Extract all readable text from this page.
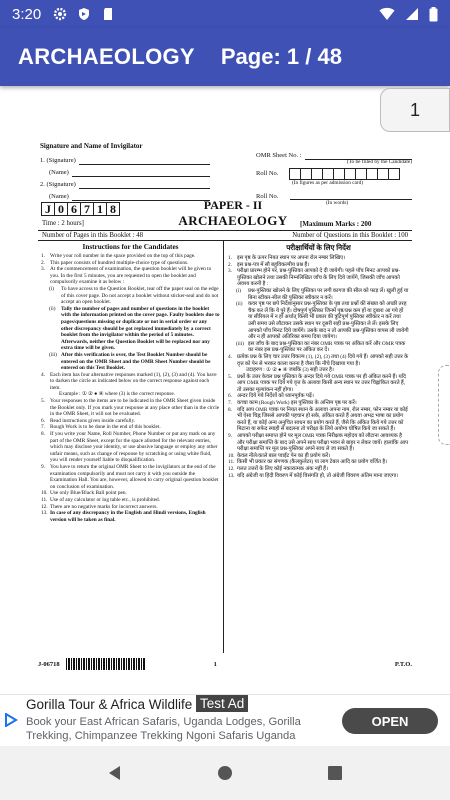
3:20
ARCHAEOLOGY Page: 1 / 48
1
Signature and Name of Invigilator
1. (Signature)
(Name)
2. (Signature)
(Name)
OMR Sheet No. :
(To be filled by the Candidate)
Roll No.
(In figures as per admission card)
Roll No.
(In words)
J 0 6 7 1 8
Time : 2 hours]
PAPER - II
ARCHAEOLOGY	[Maximum Marks : 200
Number of Pages in this Booklet : 48	Number of Questions in this Booklet : 100
Instructions for the Candidates
1. Write your roll number in the space provided on the top of this page.
2. This paper consists of hundred multiple-choice type of questions.
3. At the commencement of examination, the question booklet will be given to you. In the first 5 minutes, you are requested to open the booklet and compulsorily examine it as below :
(i)	To have access to the Question Booklet, tear off the paper seal on the edge of this cover page. Do not accept a booklet without sticker-seal and do not accept an open booklet.
(ii)	Tally the number of pages and number of questions in the booklet with the information printed on the cover page. Faulty booklets due to pages/questions missing or duplicate or not in serial order or any other discrepancy should be got replaced immediately by a correct booklet from the invigilator within the period of 5 minutes. Afterwards, neither the Question Booklet will be replaced nor any extra time will be given.
(iii) After this verification is over, the Test Booklet Number should be entered on the OMR Sheet and the OMR Sheet Number should be entered on this Test Booklet.
4. Each item has four alternative responses marked (1), (2), (3) and (4). You have to darken the circle as indicated below on the correct response against each item.
Example : ① ② ● ④ where (3) is the correct response.
5. Your responses to the items are to be indicated in the OMR Sheet given inside the Booklet only. If you mark your response at any place other than in the circle in the OMR Sheet, it will not be evaluated.
6. Read instructions given inside carefully.
7. Rough Work is to be done in the end of this booklet.
8. If you write your Name, Roll Number, Phone Number or put any mark on any part of the OMR Sheet, except for the space allotted for the relevant entries, which may disclose your identity, or use abusive language or employ any other unfair means, such as change of response by scratching or using white fluid, you will render yourself liable to disqualification.
9. You have to return the original OMR Sheet to the invigilators at the end of the examination compulsorily and must not carry it with you outside the Examination Hall. You are, however, allowed to carry original question booklet on conclusion of examination.
10. Use only Blue/Black Ball point pen.
11. Use of any calculator or log table etc., is prohibited.
12. There are no negative marks for incorrect answers.
13. In case of any discrepancy in the English and Hindi versions, English version will be taken as final.
परीक्षार्थियों के लिए निर्देश
1. इस पृष्ठ के ऊपर नियत स्थान पर अपना रोल नम्बर लिखिए।
2. इस प्रश्न-पत्र में सौ बहुविकल्पीय प्रश्न हैं।
3. परीक्षा प्रारम्भ होने पर, प्रश्न-पुस्तिका आपको दे दी जायेगी। पहले पाँच मिनट आपको प्रश्न-पुस्तिका खोलने तथा उसकी निम्नलिखित जाँच के लिए दिये जायेंगे, जिसकी जाँच आपको अवश्य करनी है :
(i)	प्रश्न-पुस्तिका खोलने के लिए पुस्तिका पर लगी कागज की सील को फाड़ लें। खुली हुई या बिना स्टीकर-सील की पुस्तिका स्वीकार न करें।
(ii)	कवर पृष्ठ पर छपे निर्देशानुसार प्रश्न-पुस्तिका के पृष्ठ तथा प्रश्नों की संख्या को अच्छी तरह चैक कर लें कि ये पूरे हैं। दोषपूर्ण पुस्तिका जिनमें पृष्ठ/प्रश्न कम हों या दुबारा आ गये हों या सीरियल में न हों अर्थात् किसी भी प्रकार की त्रुटिपूर्ण पुस्तिका स्वीकार न करें तथा उसी समय उसे लौटाकर उसके स्थान पर दूसरी सही प्रश्न-पुस्तिका ले लें। इसके लिए आपको पाँच मिनट दिये जायेंगे। उसके बाद न तो आपकी प्रश्न-पुस्तिका वापस ली जायेगी और न ही आपको अतिरिक्त समय दिया जायेगा।
(iii) इस जाँच के बाद प्रश्न-पुस्तिका का नंबर OMR पत्रक पर अंकित करें और OMR पत्रक का नंबर इस प्रश्न-पुस्तिका पर अंकित कर दें।
4. प्रत्येक प्रश्न के लिए चार उत्तर विकल्प (1), (2), (3) तथा (4) दिये गये हैं। आपको सही उत्तर के वृत्त को पेन से भरकर काला करना है जैसा कि नीचे दिखाया गया है।
उदाहरण : ① ② ● ④ जबकि (3) सही उत्तर है।
5. प्रश्नों के उत्तर केवल प्रश्न पुस्तिका के अन्दर दिये गये OMR पत्रक पर ही अंकित करने हैं। यदि आप OMR पत्रक पर दिये गये वृत्त के अलावा किसी अन्य स्थान पर उत्तर चिह्नांकित करते हैं, तो उसका मूल्यांकन नहीं होगा।
6. अन्दर दिये गये निर्देशों को ध्यानपूर्वक पढ़ें।
7. कच्चा काम (Rough Work) इस पुस्तिका के अन्तिम पृष्ठ पर करें।
8. यदि आप OMR पत्रक पर नियत स्थान के अलावा अपना नाम, रोल नम्बर, फोन नम्बर या कोई भी ऐसा चिह्न जिससे आपकी पहचान हो सके, अंकित करते हैं अथवा अभद्र भाषा का प्रयोग करते हैं, या कोई अन्य अनुचित साधन का प्रयोग करते हैं, जैसे कि अंकित किये गये उत्तर को मिटाना या सफेद स्याही से बदलना तो परीक्षा के लिये अयोग्य घोषित किये जा सकते हैं।
9. आपको परीक्षा समाप्त होने पर मूल OMR पत्रक निरीक्षक महोदय को लौटाना आवश्यक है और परीक्षा समाप्ति के बाद उसे अपने साथ परीक्षा भवन से बाहर न लेकर जायें। हालांकि आप परीक्षा समाप्ति पर मूल प्रश्न-पुस्तिका अपने साथ ले जा सकते हैं।
10. केवल नीले/काले बाल प्वाईंट पेन का ही प्रयोग करें।
11. किसी भी प्रकार का संगणक (कैलकुलेटर) या लाग टेबल आदि का प्रयोग वर्जित है।
12. गलत उत्तरों के लिए कोई नकारात्मक अंक नहीं हैं।
13. यदि अंग्रेजी या हिंदी विवरण में कोई विसंगति हो, तो अंग्रेजी विवरण अंतिम माना जाएगा।
J-06718	1	P.T.O.
Gorilla Tour & Africa Wildlife Test Ad
Book your East African Safaris, Uganda Lodges, Gorilla Trekking, Chimpanzee Trekking Ngoni Safaris Uganda
OPEN
